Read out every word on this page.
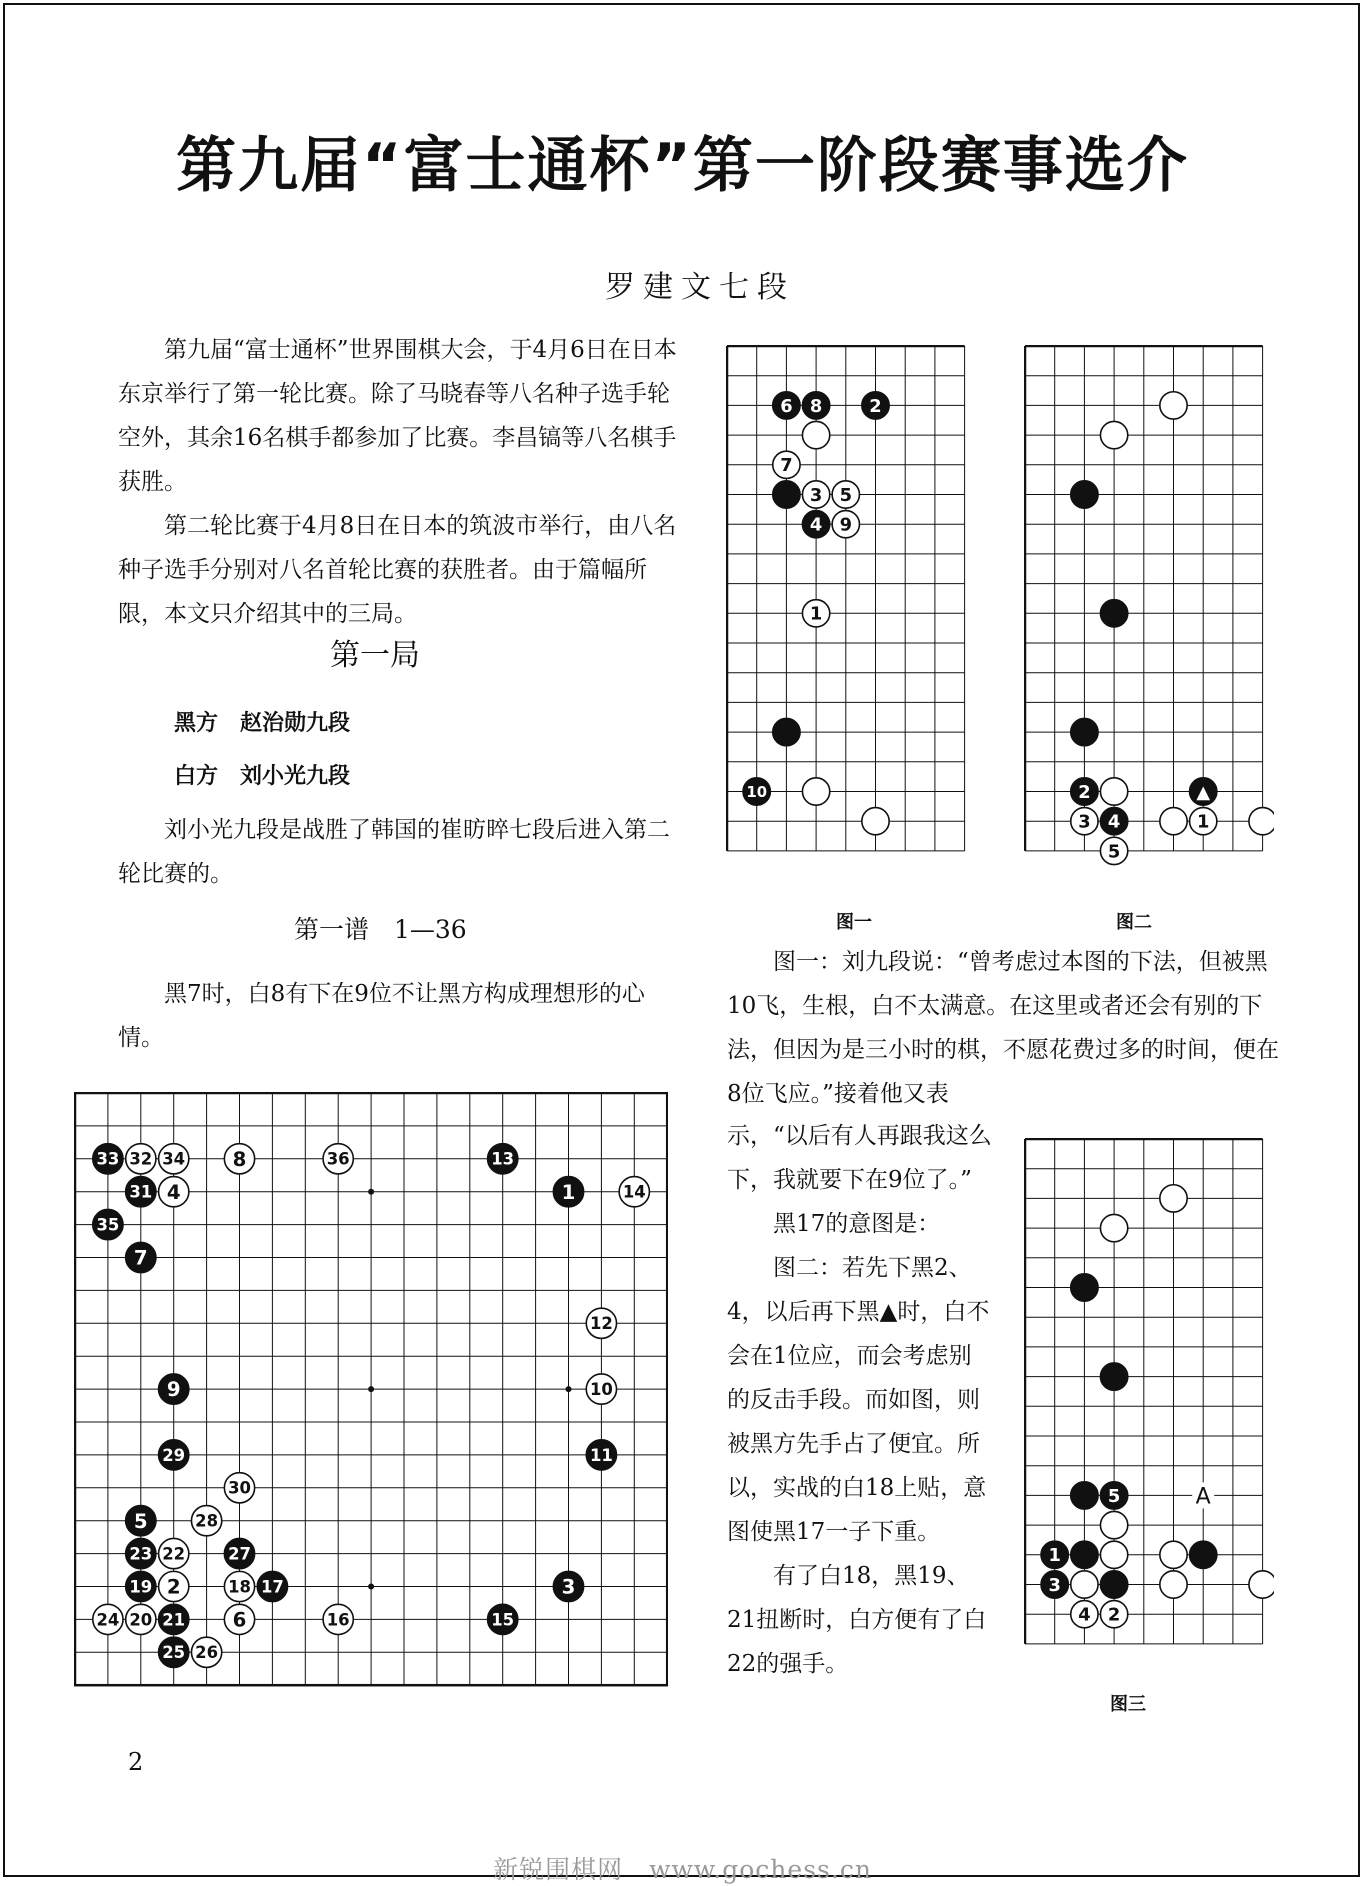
第九届“富士通杯”第一阶段赛事选介
罗建文七段

第九届“富士通杯”世界围棋大会，于4月6日在日本东京举行了第一轮比赛。除了马晓春等八名种子选手轮空外，其余16名棋手都参加了比赛。李昌镐等八名棋手获胜。

第二轮比赛于4月8日在日本的筑波市举行，由八名种子选手分别对八名首轮比赛的获胜者。由于篇幅所限，本文只介绍其中的三局。

第一局
黑方　赵治勋九段
白方　刘小光九段

刘小光九段是战胜了韩国的崔昉晬七段后进入第二轮比赛的。

第一谱　1—36

黑7时，白8有下在9位不让黑方构成理想形的心情。

33 32 34 8	36	13
31 4	1	14
35
7
12
9	10
29	11
30
5	28
23 22	27
19 2	18 17	3
24 20 21 6	16	15
25 26
6 8	2
7
3 5
4 9
1
10	2	▲
3 4	1
5
5
1
3
4 2
A
图一	图二
图三

图一：刘九段说：“曾考虑过本图的下法，但被黑10飞，生根，白不太满意。在这里或者还会有别的下法，但因为是三小时的棋，不愿花费过多的时间，便在8位飞应。”接着他又表

示，“以后有人再跟我这么下，我就要下在9位了。”

黑17的意图是：

图二：若先下黑2、4，以后再下黑▲时，白不会在1位应，而会考虑别的反击手段。而如图，则被黑方先手占了便宜。所以，实战的白18上贴，意图使黑17一子下重。

有了白18，黑19、21扭断时，白方便有了白22的强手。

2
新锐围棋网　www.gochess.cn
